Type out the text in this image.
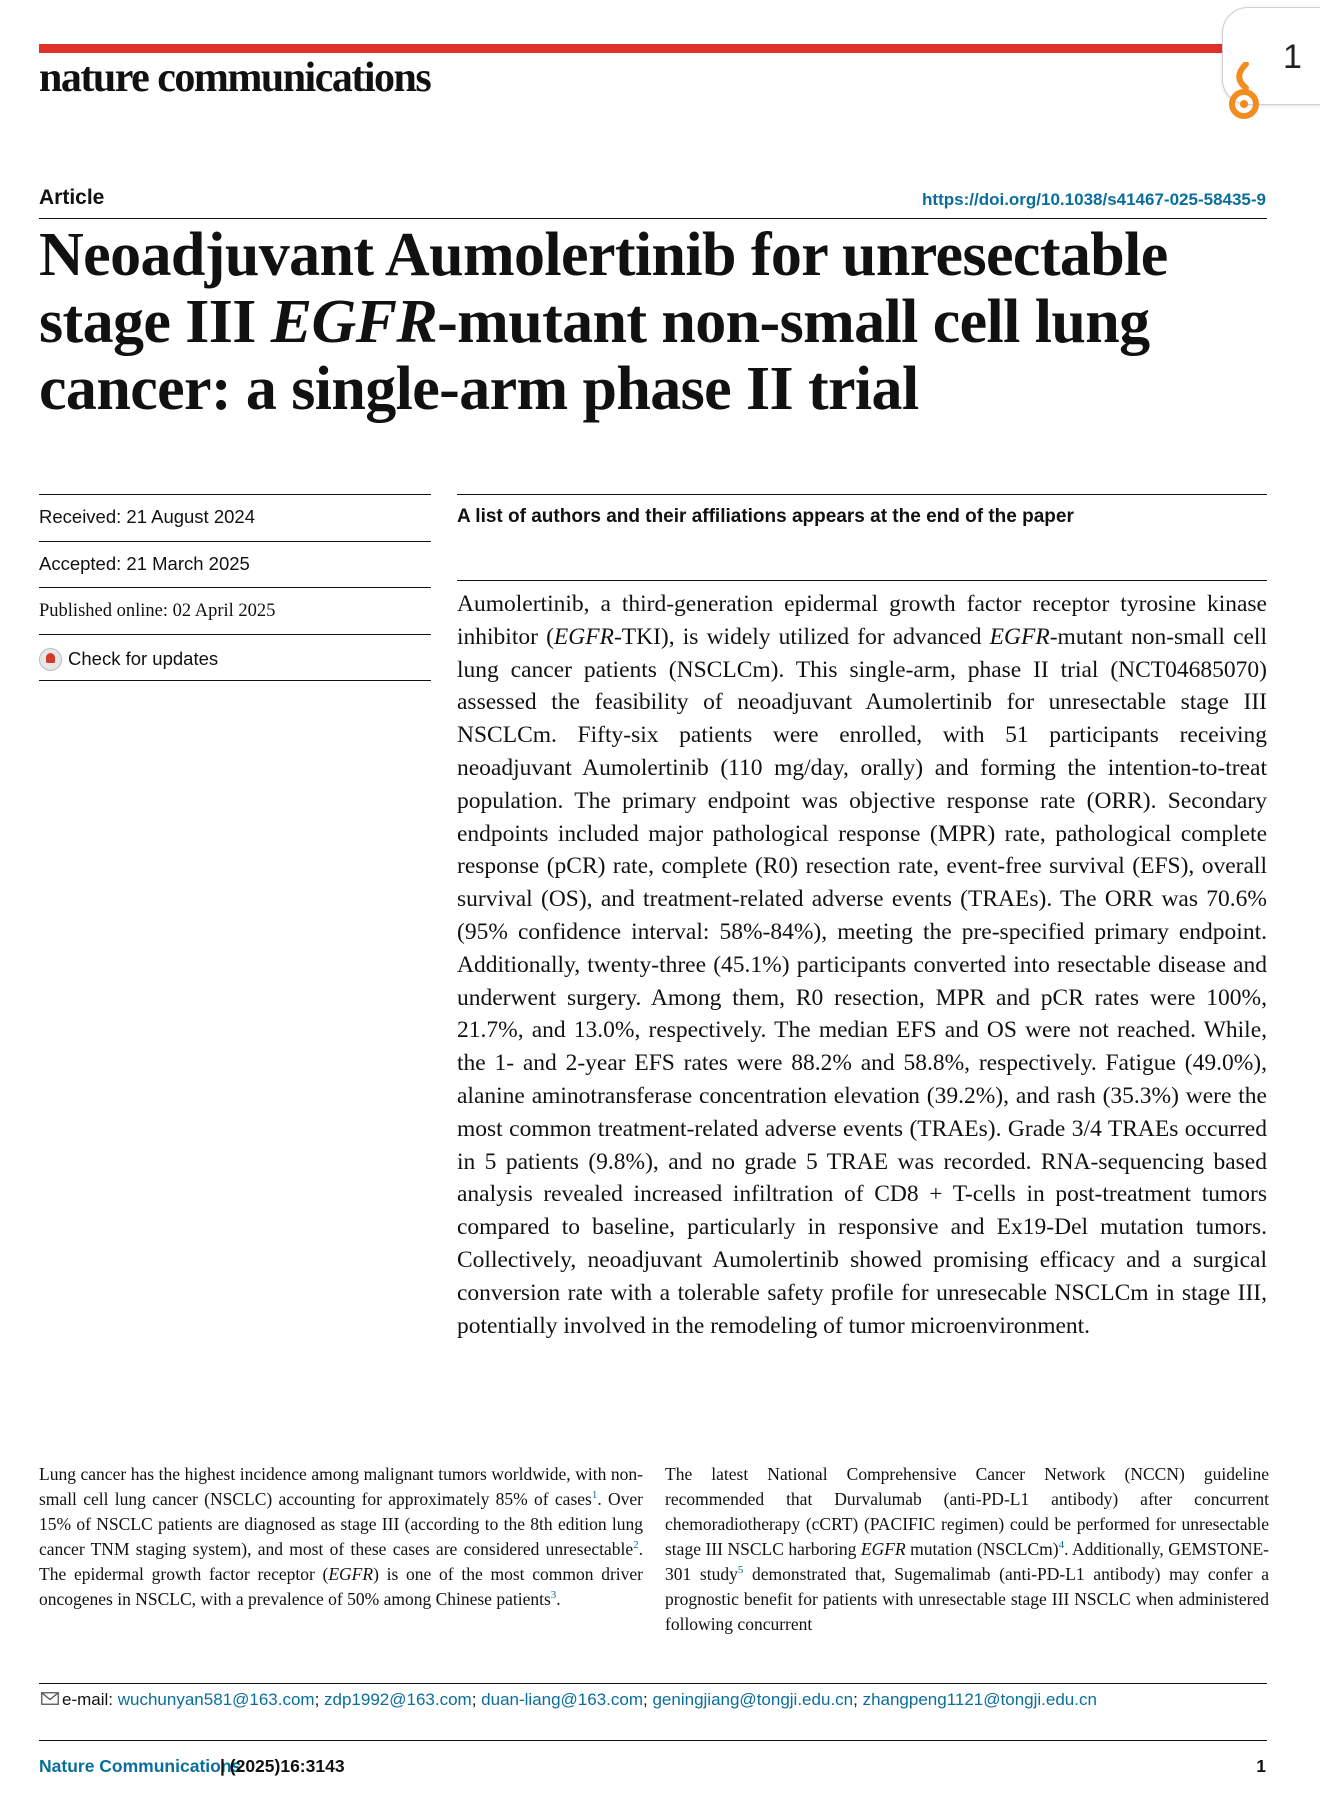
nature communications	1
Article	https://doi.org/10.1038/s41467-025-58435-9
Neoadjuvant Aumolertinib for unresectable stage III EGFR-mutant non-small cell lung cancer: a single-arm phase II trial
Received: 21 August 2024
Accepted: 21 March 2025
Published online: 02 April 2025
Check for updates
A list of authors and their affiliations appears at the end of the paper

Aumolertinib, a third-generation epidermal growth factor receptor tyrosine kinase inhibitor (EGFR-TKI), is widely utilized for advanced EGFR-mutant non-small cell lung cancer patients (NSCLCm). This single-arm, phase II trial (NCT04685070) assessed the feasibility of neoadjuvant Aumolertinib for unresectable stage III NSCLCm. Fifty-six patients were enrolled, with 51 participants receiving neoadjuvant Aumolertinib (110 mg/day, orally) and forming the intention-to-treat population. The primary endpoint was objective response rate (ORR). Secondary endpoints included major pathological response (MPR) rate, pathological complete response (pCR) rate, complete (R0) resection rate, event-free survival (EFS), overall survival (OS), and treatment-related adverse events (TRAEs). The ORR was 70.6% (95% confidence interval: 58%-84%), meeting the pre-specified primary endpoint. Additionally, twenty-three (45.1%) participants converted into resectable disease and underwent surgery. Among them, R0 resection, MPR and pCR rates were 100%, 21.7%, and 13.0%, respectively. The median EFS and OS were not reached. While, the 1- and 2-year EFS rates were 88.2% and 58.8%, respectively. Fatigue (49.0%), alanine aminotransferase concentration elevation (39.2%), and rash (35.3%) were the most common treatment-related adverse events (TRAEs). Grade 3/4 TRAEs occurred in 5 patients (9.8%), and no grade 5 TRAE was recorded. RNA-sequencing based analysis revealed increased infiltration of CD8 + T-cells in post-treatment tumors compared to baseline, particularly in responsive and Ex19-Del mutation tumors. Collectively, neoadjuvant Aumolertinib showed promising efficacy and a surgical conversion rate with a tolerable safety profile for unresecable NSCLCm in stage III, potentially involved in the remodeling of tumor microenvironment.

Lung cancer has the highest incidence among malignant tumors worldwide, with non-small cell lung cancer (NSCLC) accounting for approximately 85% of cases$^1$. Over 15% of NSCLC patients are diagnosed as stage III (according to the 8th edition lung cancer TNM staging system), and most of these cases are considered unresectable$^2$. The epidermal growth factor receptor (EGFR) is one of the most common driver oncogenes in NSCLC, with a prevalence of 50% among Chinese patients$^3$.

The latest National Comprehensive Cancer Network (NCCN) guideline recommended that Durvalumab (anti-PD-L1 antibody) after concurrent chemoradiotherapy (cCRT) (PACIFIC regimen) could be performed for unresectable stage III NSCLC harboring EGFR mutation (NSCLCm)$^4$. Additionally, GEMSTONE-301 study$^5$ demonstrated that, Sugemalimab (anti-PD-L1 antibody) may confer a prognostic benefit for patients with unresectable stage III NSCLC when administered following concurrent

e-mail: wuchunyan581@163.com; zdp1992@163.com; duan-liang@163.com; geningjiang@tongji.edu.cn; zhangpeng1121@tongji.edu.cn
Nature Communications
| (2025)16:3143	1
